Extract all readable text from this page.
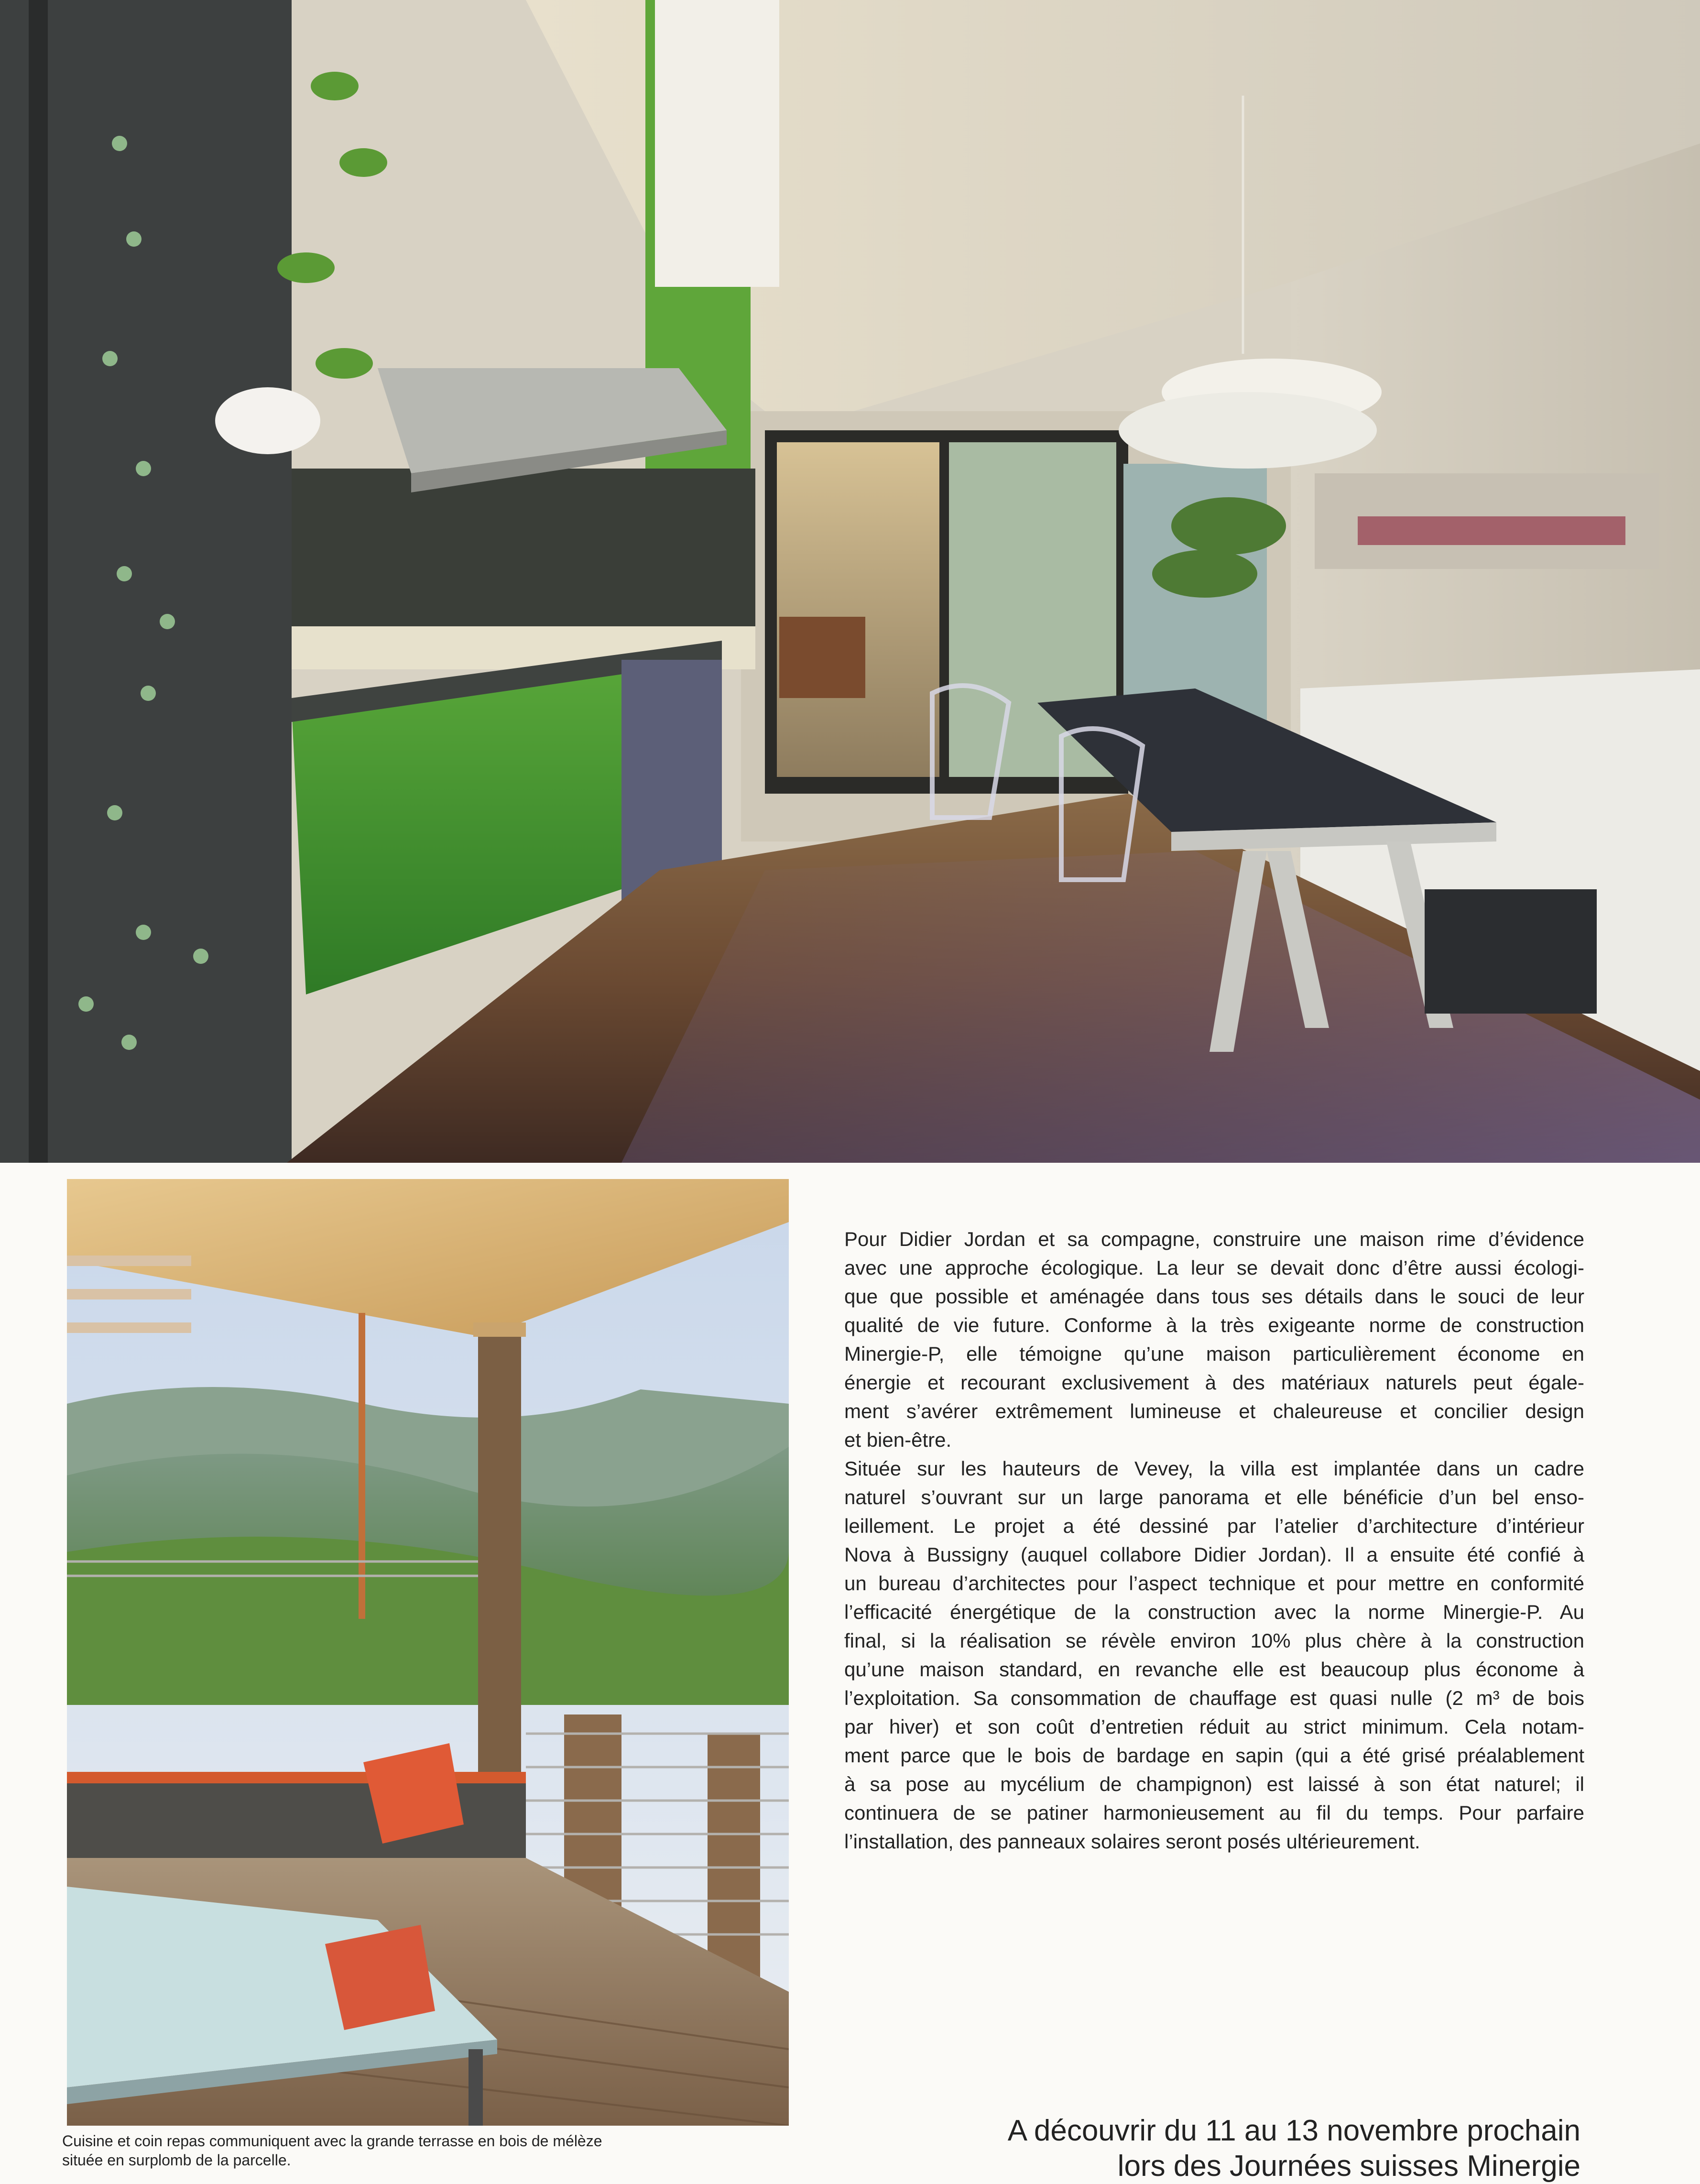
Cuisine et coin repas communiquent avec la grande terrasse en bois de mélèze
située en surplomb de la parcelle.
Pour Didier Jordan et sa compagne, construire une maison rime d’évidence
avec une approche écologique. La leur se devait donc d’être aussi écologi-
que que possible et aménagée dans tous ses détails dans le souci de leur
qualité de vie future. Conforme à la très exigeante norme de construction
Minergie-P, elle témoigne qu’une maison particulièrement économe en
énergie et recourant exclusivement à des matériaux naturels peut égale-
ment s’avérer extrêmement lumineuse et chaleureuse et concilier design
et bien-être.
Située sur les hauteurs de Vevey, la villa est implantée dans un cadre
naturel s’ouvrant sur un large panorama et elle bénéficie d’un bel enso-
leillement. Le projet a été dessiné par l’atelier d’architecture d’intérieur
Nova à Bussigny (auquel collabore Didier Jordan). Il a ensuite été confié à
un bureau d’architectes pour l’aspect technique et pour mettre en conformité
l’efficacité énergétique de la construction avec la norme Minergie-P. Au
final, si la réalisation se révèle environ 10% plus chère à la construction
qu’une maison standard, en revanche elle est beaucoup plus économe à
l’exploitation. Sa consommation de chauffage est quasi nulle (2 m³ de bois
par hiver) et son coût d’entretien réduit au strict minimum. Cela notam-
ment parce que le bois de bardage en sapin (qui a été grisé préalablement
à sa pose au mycélium de champignon) est laissé à son état naturel; il
continuera de se patiner harmonieusement au fil du temps. Pour parfaire
l’installation, des panneaux solaires seront posés ultérieurement.
A découvrir du 11 au 13 novembre prochain
lors des Journées suisses Minergie
